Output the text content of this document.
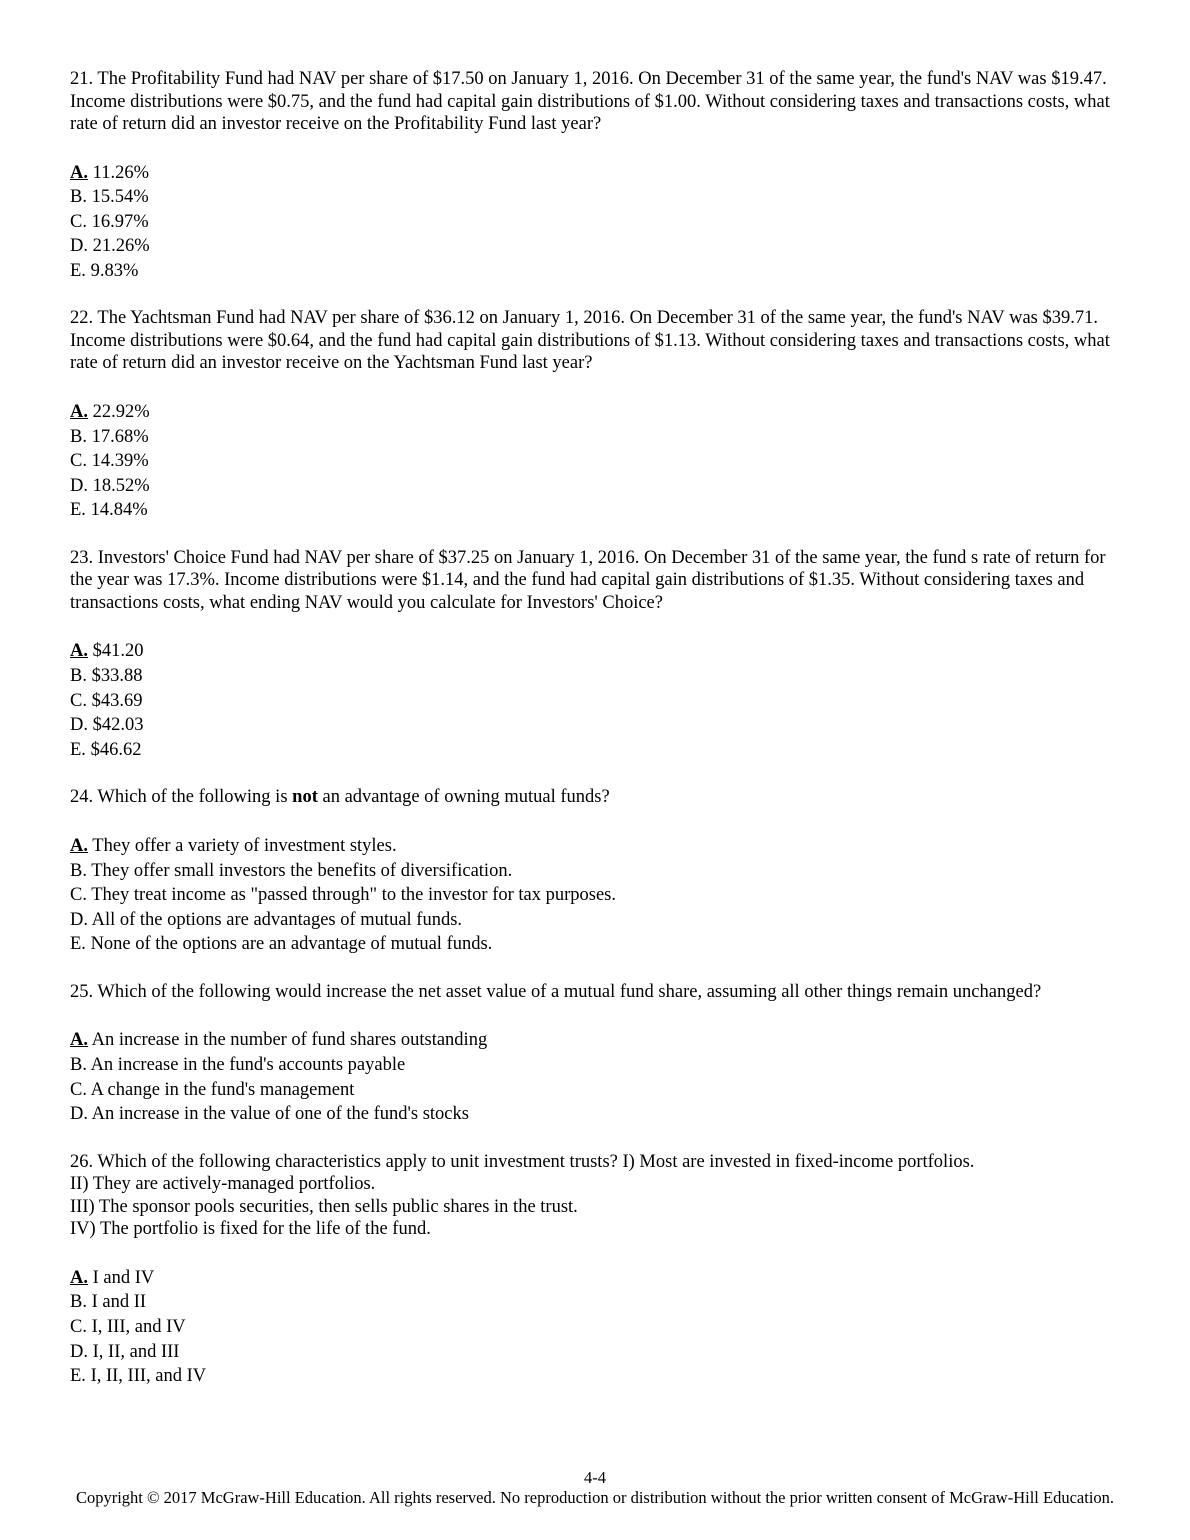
21. The Profitability Fund had NAV per share of $17.50 on January 1, 2016. On December 31 of the same year, the fund's NAV was $19.47. Income distributions were $0.75, and the fund had capital gain distributions of $1.00. Without considering taxes and transactions costs, what rate of return did an investor receive on the Profitability Fund last year?
A. 11.26%
B. 15.54%
C. 16.97%
D. 21.26%
E. 9.83%
22. The Yachtsman Fund had NAV per share of $36.12 on January 1, 2016. On December 31 of the same year, the fund's NAV was $39.71. Income distributions were $0.64, and the fund had capital gain distributions of $1.13. Without considering taxes and transactions costs, what rate of return did an investor receive on the Yachtsman Fund last year?
A. 22.92%
B. 17.68%
C. 14.39%
D. 18.52%
E. 14.84%
23. Investors' Choice Fund had NAV per share of $37.25 on January 1, 2016. On December 31 of the same year, the fund s rate of return for the year was 17.3%. Income distributions were $1.14, and the fund had capital gain distributions of $1.35. Without considering taxes and transactions costs, what ending NAV would you calculate for Investors' Choice?
A. $41.20
B. $33.88
C. $43.69
D. $42.03
E. $46.62
24. Which of the following is not an advantage of owning mutual funds?
A. They offer a variety of investment styles.
B. They offer small investors the benefits of diversification.
C. They treat income as "passed through" to the investor for tax purposes.
D. All of the options are advantages of mutual funds.
E. None of the options are an advantage of mutual funds.
25. Which of the following would increase the net asset value of a mutual fund share, assuming all other things remain unchanged?
A. An increase in the number of fund shares outstanding
B. An increase in the fund's accounts payable
C. A change in the fund's management
D. An increase in the value of one of the fund's stocks
26. Which of the following characteristics apply to unit investment trusts? I) Most are invested in fixed-income portfolios.
II) They are actively-managed portfolios.
III) The sponsor pools securities, then sells public shares in the trust.
IV) The portfolio is fixed for the life of the fund.
A. I and IV
B. I and II
C. I, III, and IV
D. I, II, and III
E. I, II, III, and IV
4-4
Copyright © 2017 McGraw-Hill Education. All rights reserved. No reproduction or distribution without the prior written consent of McGraw-Hill Education.
